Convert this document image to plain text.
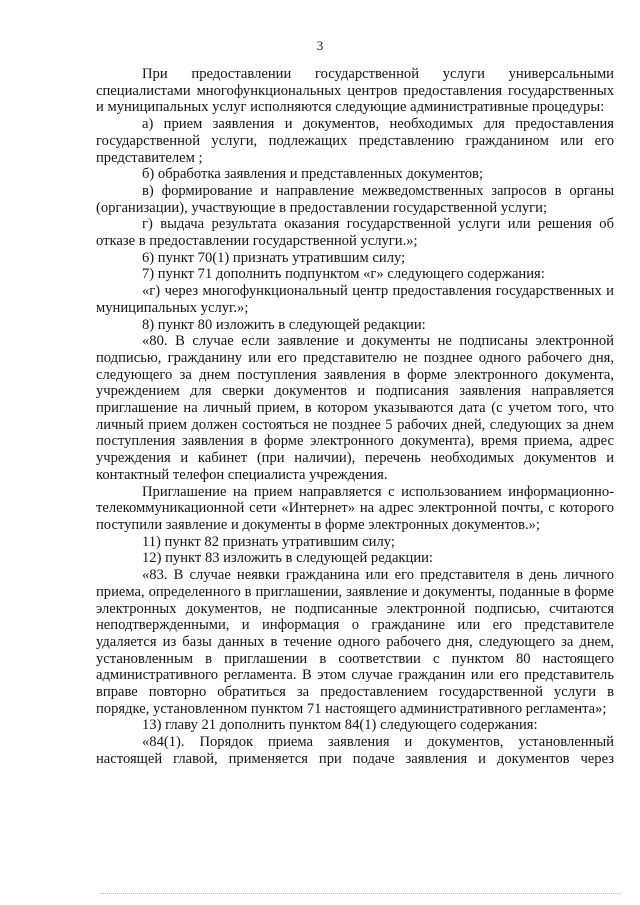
3

При предоставлении государственной услуги универсальными специалистами многофункциональных центров предоставления государственных и муниципальных услуг исполняются следующие административные процедуры:

а) прием заявления и документов, необходимых для предоставления государственной услуги, подлежащих представлению гражданином или его представителем ;

б) обработка заявления и представленных документов;

в) формирование и направление межведомственных запросов в органы (организации), участвующие в предоставлении государственной услуги;

г) выдача результата оказания государственной услуги или решения об отказе в предоставлении государственной услуги.»;

6) пункт 70(1) признать утратившим силу;

7) пункт 71 дополнить подпунктом «г» следующего содержания:

«г) через многофункциональный центр предоставления государственных и муниципальных услуг.»;

8) пункт 80 изложить в следующей редакции:

«80. В случае если заявление и документы не подписаны электронной подписью, гражданину или его представителю не позднее одного рабочего дня, следующего за днем поступления заявления в форме электронного документа, учреждением для сверки документов и подписания заявления направляется приглашение на личный прием, в котором указываются дата (с учетом того, что личный прием должен состояться не позднее 5 рабочих дней, следующих за днем поступления заявления в форме электронного документа), время приема, адрес учреждения и кабинет (при наличии), перечень необходимых документов и контактный телефон специалиста учреждения.

Приглашение на прием направляется с использованием информационно-телекоммуникационной сети «Интернет» на адрес электронной почты, с которого поступили заявление и документы в форме электронных документов.»;

11) пункт 82 признать утратившим силу;

12) пункт 83 изложить в следующей редакции:

«83. В случае неявки гражданина или его представителя в день личного приема, определенного в приглашении, заявление и документы, поданные в форме электронных документов, не подписанные электронной подписью, считаются неподтвержденными, и информация о гражданине или его представителе удаляется из базы данных в течение одного рабочего дня, следующего за днем, установленным в приглашении в соответствии с пунктом 80 настоящего административного регламента. В этом случае гражданин или его представитель вправе повторно обратиться за предоставлением государственной услуги в порядке, установленном пунктом 71 настоящего административного регламента»;

13) главу 21 дополнить пунктом 84(1) следующего содержания:

«84(1). Порядок приема заявления и документов, установленный настоящей главой, применяется при подаче заявления и документов через
